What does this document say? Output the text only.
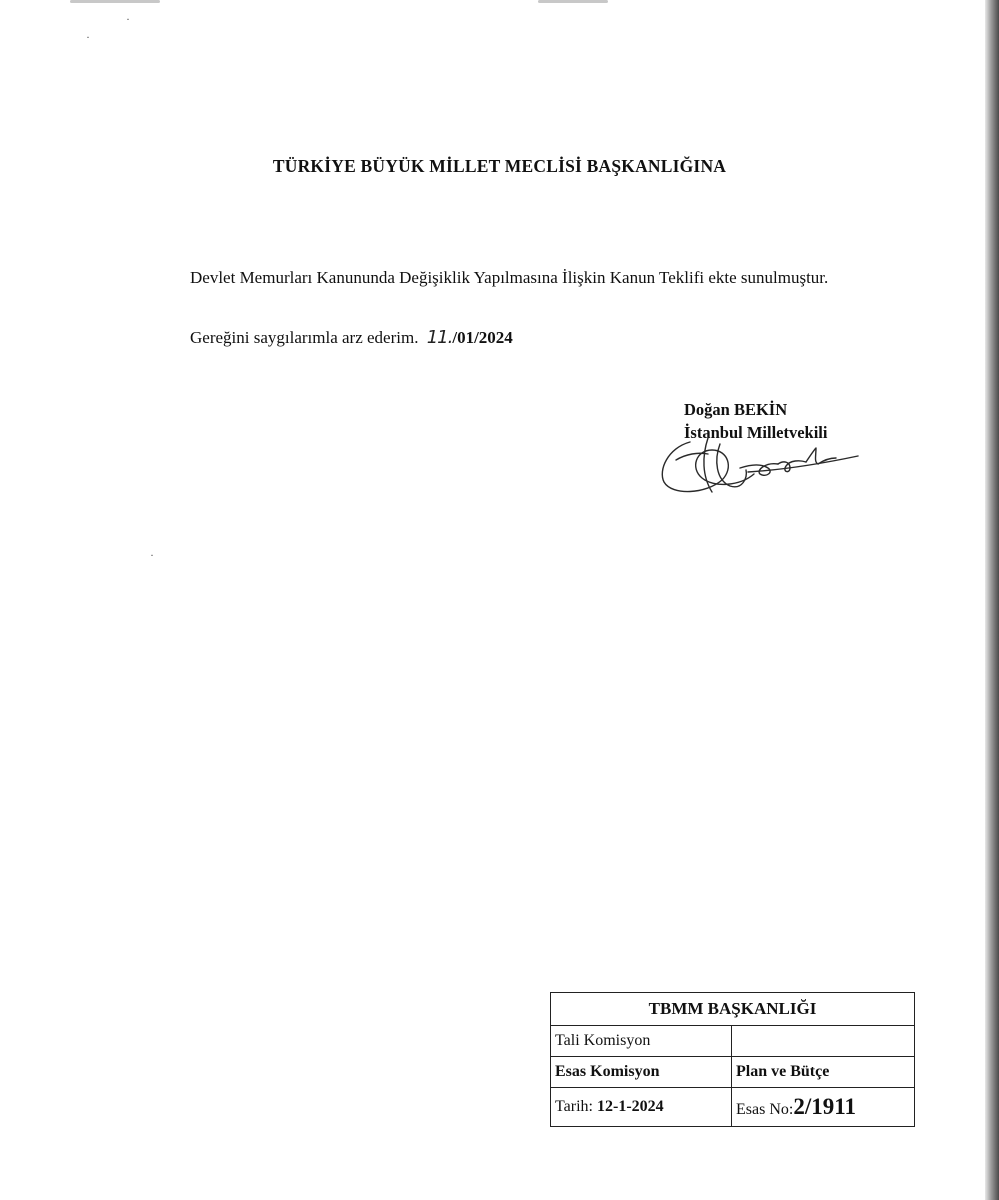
·
·
·
TÜRKİYE BÜYÜK MİLLET MECLİSİ BAŞKANLIĞINA
Devlet Memurları Kanununda Değişiklik Yapılmasına İlişkin Kanun Teklifi ekte sunulmuştur.
Gereğini saygılarımla arz ederim. 11./01/2024
Doğan BEKİN
İstanbul Milletvekili
TBMM BAŞKANLIĞI	
Tali Komisyon	
Esas Komisyon	Plan ve Bütçe
Tarih: 12-1-2024	Esas No:2/1911
